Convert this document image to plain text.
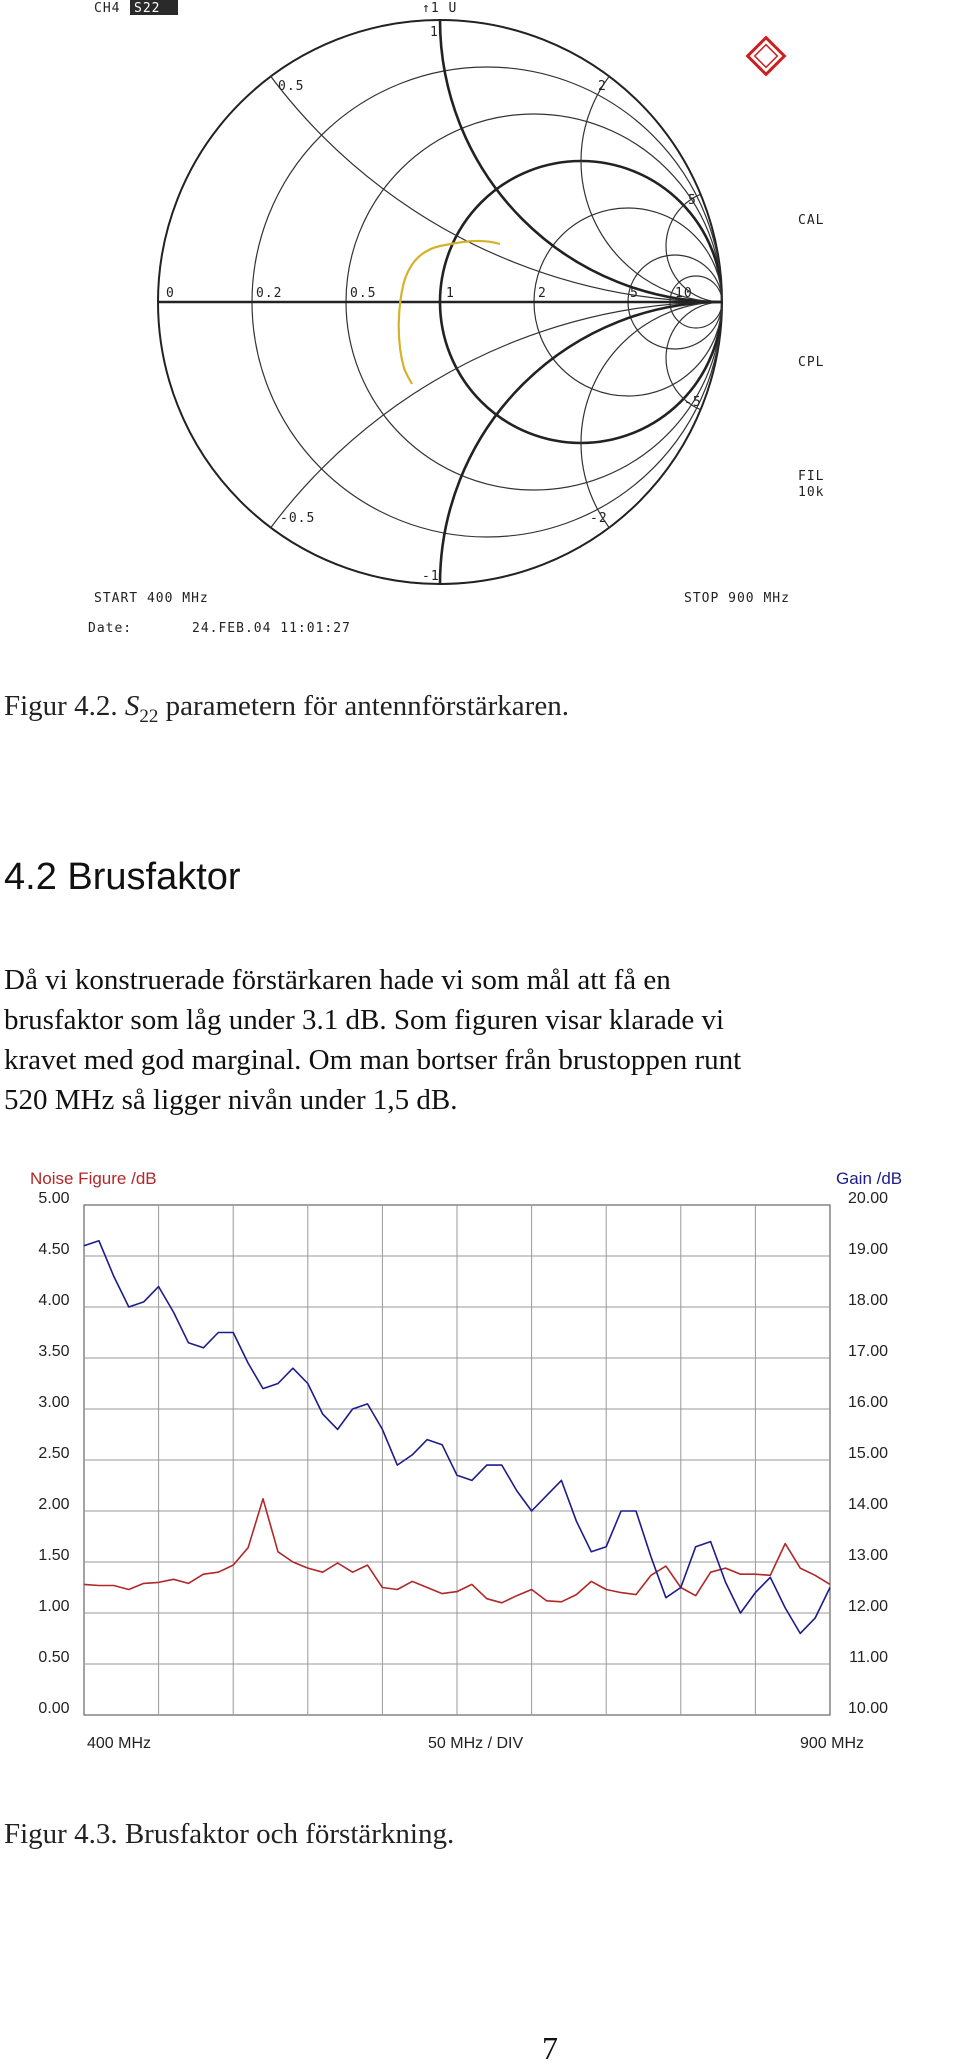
CH4 S22	↑1 U
0	0.2	0.5	1	2	5	10
1
0.5	2
5
-5
-0.5	-2
-1
CAL
CPL
FIL
10k
START 400 MHz	STOP 900 MHz
Date:	24.FEB.04 11:01:27
Figur 4.2. $S_{22}$ parametern för antennförstärkaren.
4.2 Brusfaktor
Då vi konstruerade förstärkaren hade vi som mål att få en
brusfaktor som låg under 3.1 dB. Som figuren visar klarade vi
kravet med god marginal. Om man bortser från brustoppen runt
520 MHz så ligger nivån under 1,5 dB.
Noise Figure /dB	Gain /dB
5.00	20.00
4.50	19.00
4.00	18.00
3.50	17.00
3.00	16.00
2.50	15.00
2.00	14.00
1.50	13.00
1.00	12.00
0.50	11.00
0.00	10.00
400 MHz	50 MHz / DIV	900 MHz
Figur 4.3. Brusfaktor och förstärkning.
7
